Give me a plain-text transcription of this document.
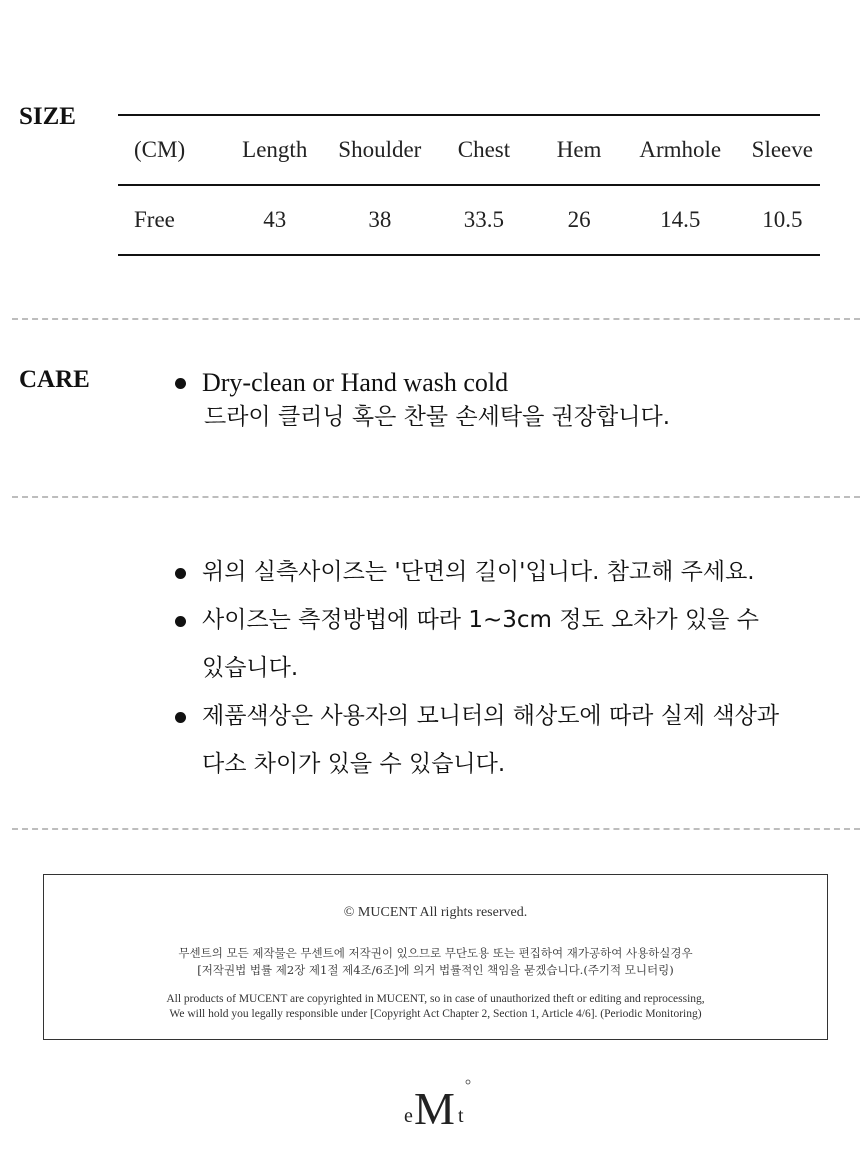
SIZE
(CM)	Length	Shoulder	Chest	Hem	Armhole	Sleeve
Free	43	38	33.5	26	14.5	10.5
CARE	Dry-clean or Hand wash cold
드라이 클리닝 혹은 찬물 손세탁을 권장합니다.
위의 실측사이즈는 '단면의 길이'입니다. 참고해 주세요.
사이즈는 측정방법에 따라 1~3cm 정도 오차가 있을 수
있습니다.
제품색상은 사용자의 모니터의 해상도에 따라 실제 색상과
다소 차이가 있을 수 있습니다.
© MUCENT All rights reserved.
무센트의 모든 제작물은 무센트에 저작권이 있으므로 무단도용 또는 편집하여 재가공하여 사용하실경우
[저작권법 법률 제2장 제1절 제4조/6조]에 의거 법률적인 책임을 묻겠습니다.(주기적 모니터링)
All products of MUCENT are copyrighted in MUCENT, so in case of unauthorized theft or editing and reprocessing,
We will hold you legally responsible under [Copyright Act Chapter 2, Section 1, Article 4/6]. (Periodic Monitoring)
e M t
